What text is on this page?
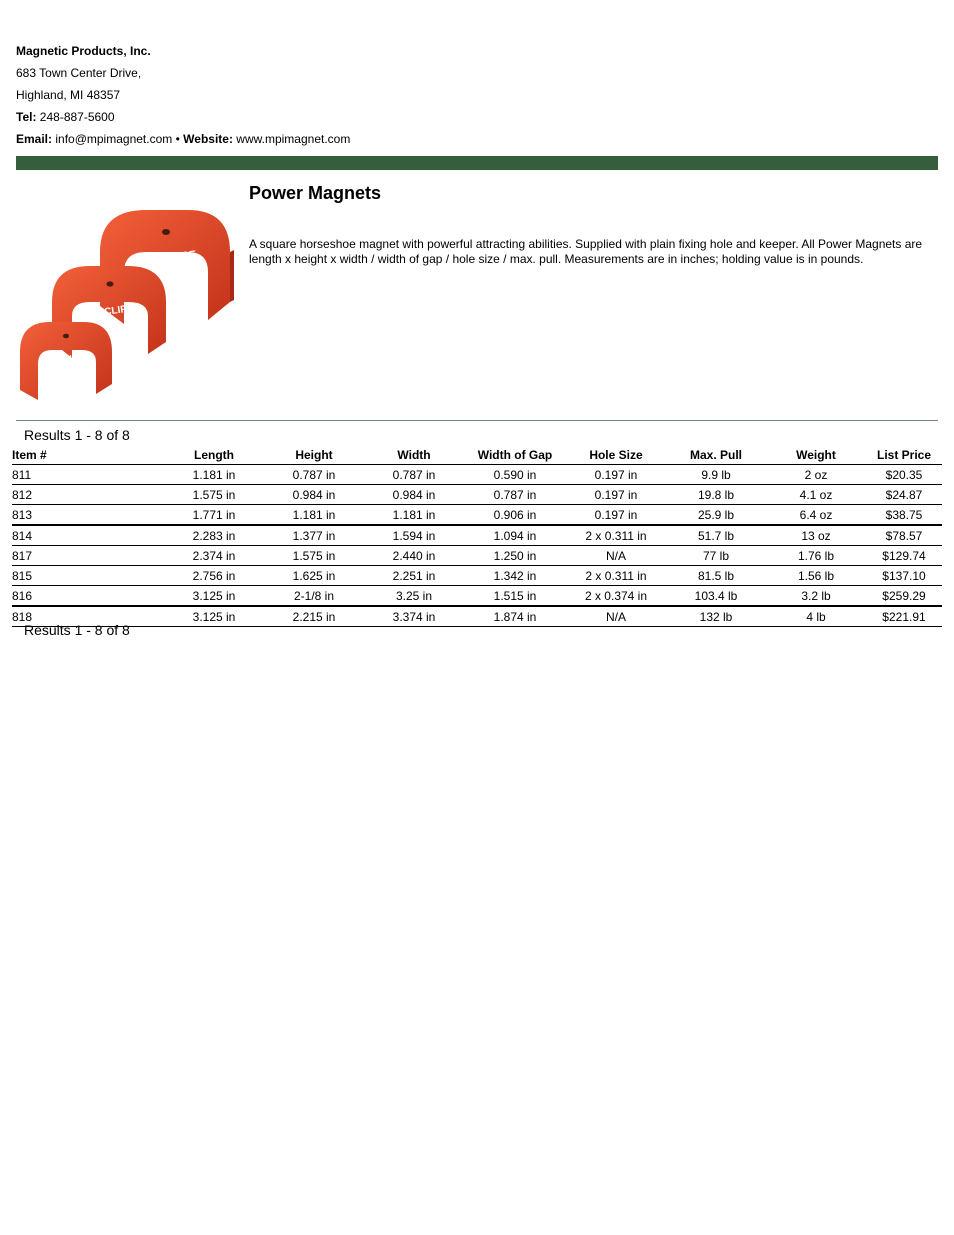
Magnetic Products, Inc.
683 Town Center Drive,
Highland, MI 48357
Tel: 248-887-5600
Email: info@mpimagnet.com • Website: www.mpimagnet.com
ECLIPSE
ECLIPSE
ECLIPSE
Power Magnets
A square horseshoe magnet with powerful attracting abilities. Supplied with plain fixing hole and keeper. All Power Magnets are length x height x width / width of gap / hole size / max. pull. Measurements are in inches; holding value is in pounds.
Results 1 - 8 of 8
Item #	Length	Height	Width	Width of Gap	Hole Size	Max. Pull	Weight	List Price
811	1.181 in	0.787 in	0.787 in	0.590 in	0.197 in	9.9 lb	2 oz	$20.35
812	1.575 in	0.984 in	0.984 in	0.787 in	0.197 in	19.8 lb	4.1 oz	$24.87
813	1.771 in	1.181 in	1.181 in	0.906 in	0.197 in	25.9 lb	6.4 oz	$38.75
814	2.283 in	1.377 in	1.594 in	1.094 in	2 x 0.311 in	51.7 lb	13 oz	$78.57
817	2.374 in	1.575 in	2.440 in	1.250 in	N/A	77 lb	1.76 lb	$129.74
815	2.756 in	1.625 in	2.251 in	1.342 in	2 x 0.311 in	81.5 lb	1.56 lb	$137.10
816	3.125 in	2-1/8 in	3.25 in	1.515 in	2 x 0.374 in	103.4 lb	3.2 lb	$259.29
818	3.125 in	2.215 in	3.374 in	1.874 in	N/A	132 lb	4 lb	$221.91
Results 1 - 8 of 8
